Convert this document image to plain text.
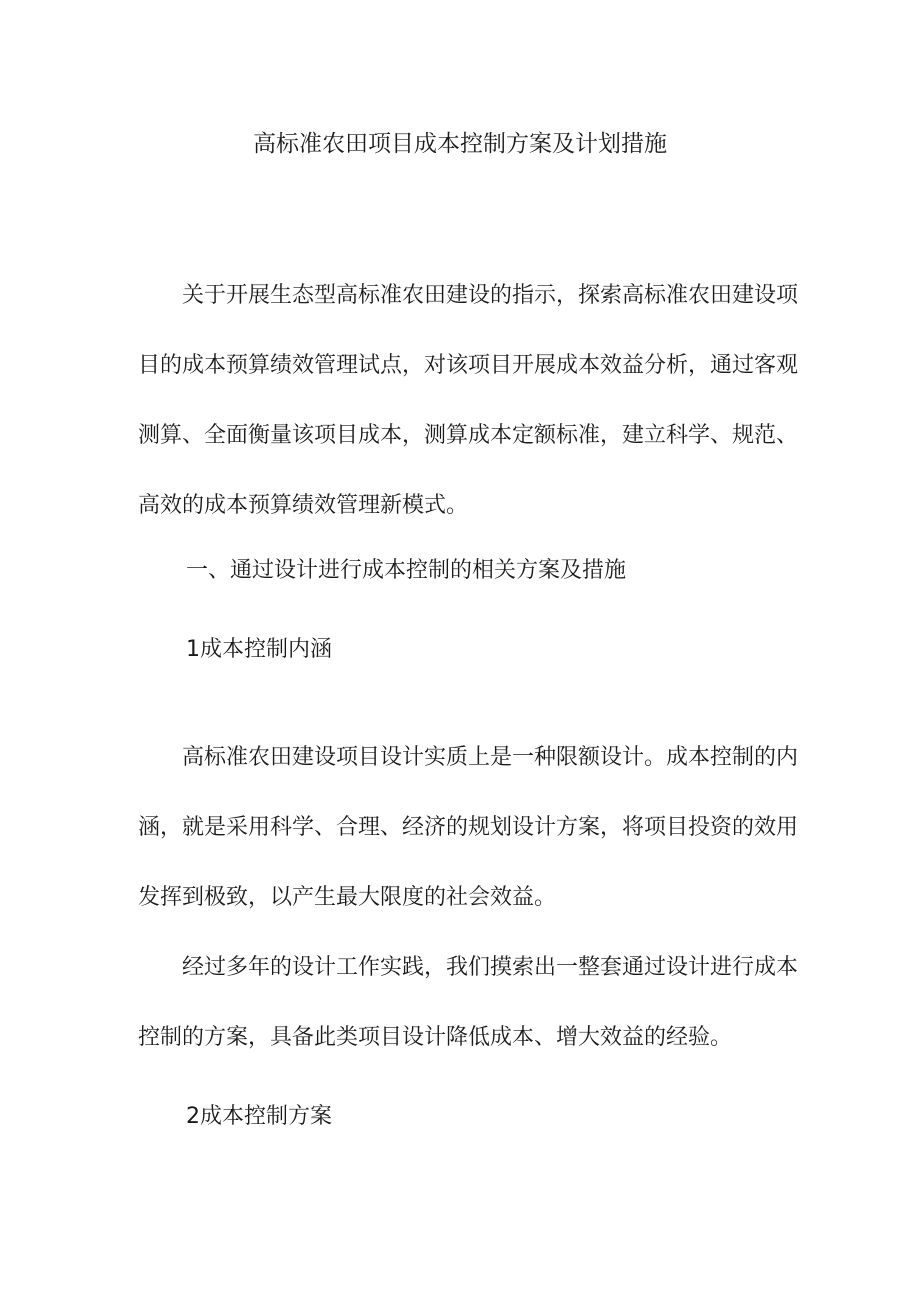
高标准农田项目成本控制方案及计划措施

关于开展生态型高标准农田建设的指示，探索高标准农田建设项目的成本预算绩效管理试点，对该项目开展成本效益分析，通过客观测算、全面衡量该项目成本，测算成本定额标准，建立科学、规范、高效的成本预算绩效管理新模式。

一、通过设计进行成本控制的相关方案及措施

1成本控制内涵

高标准农田建设项目设计实质上是一种限额设计。成本控制的内涵，就是采用科学、合理、经济的规划设计方案，将项目投资的效用发挥到极致，以产生最大限度的社会效益。

经过多年的设计工作实践，我们摸索出一整套通过设计进行成本控制的方案，具备此类项目设计降低成本、增大效益的经验。

2成本控制方案
